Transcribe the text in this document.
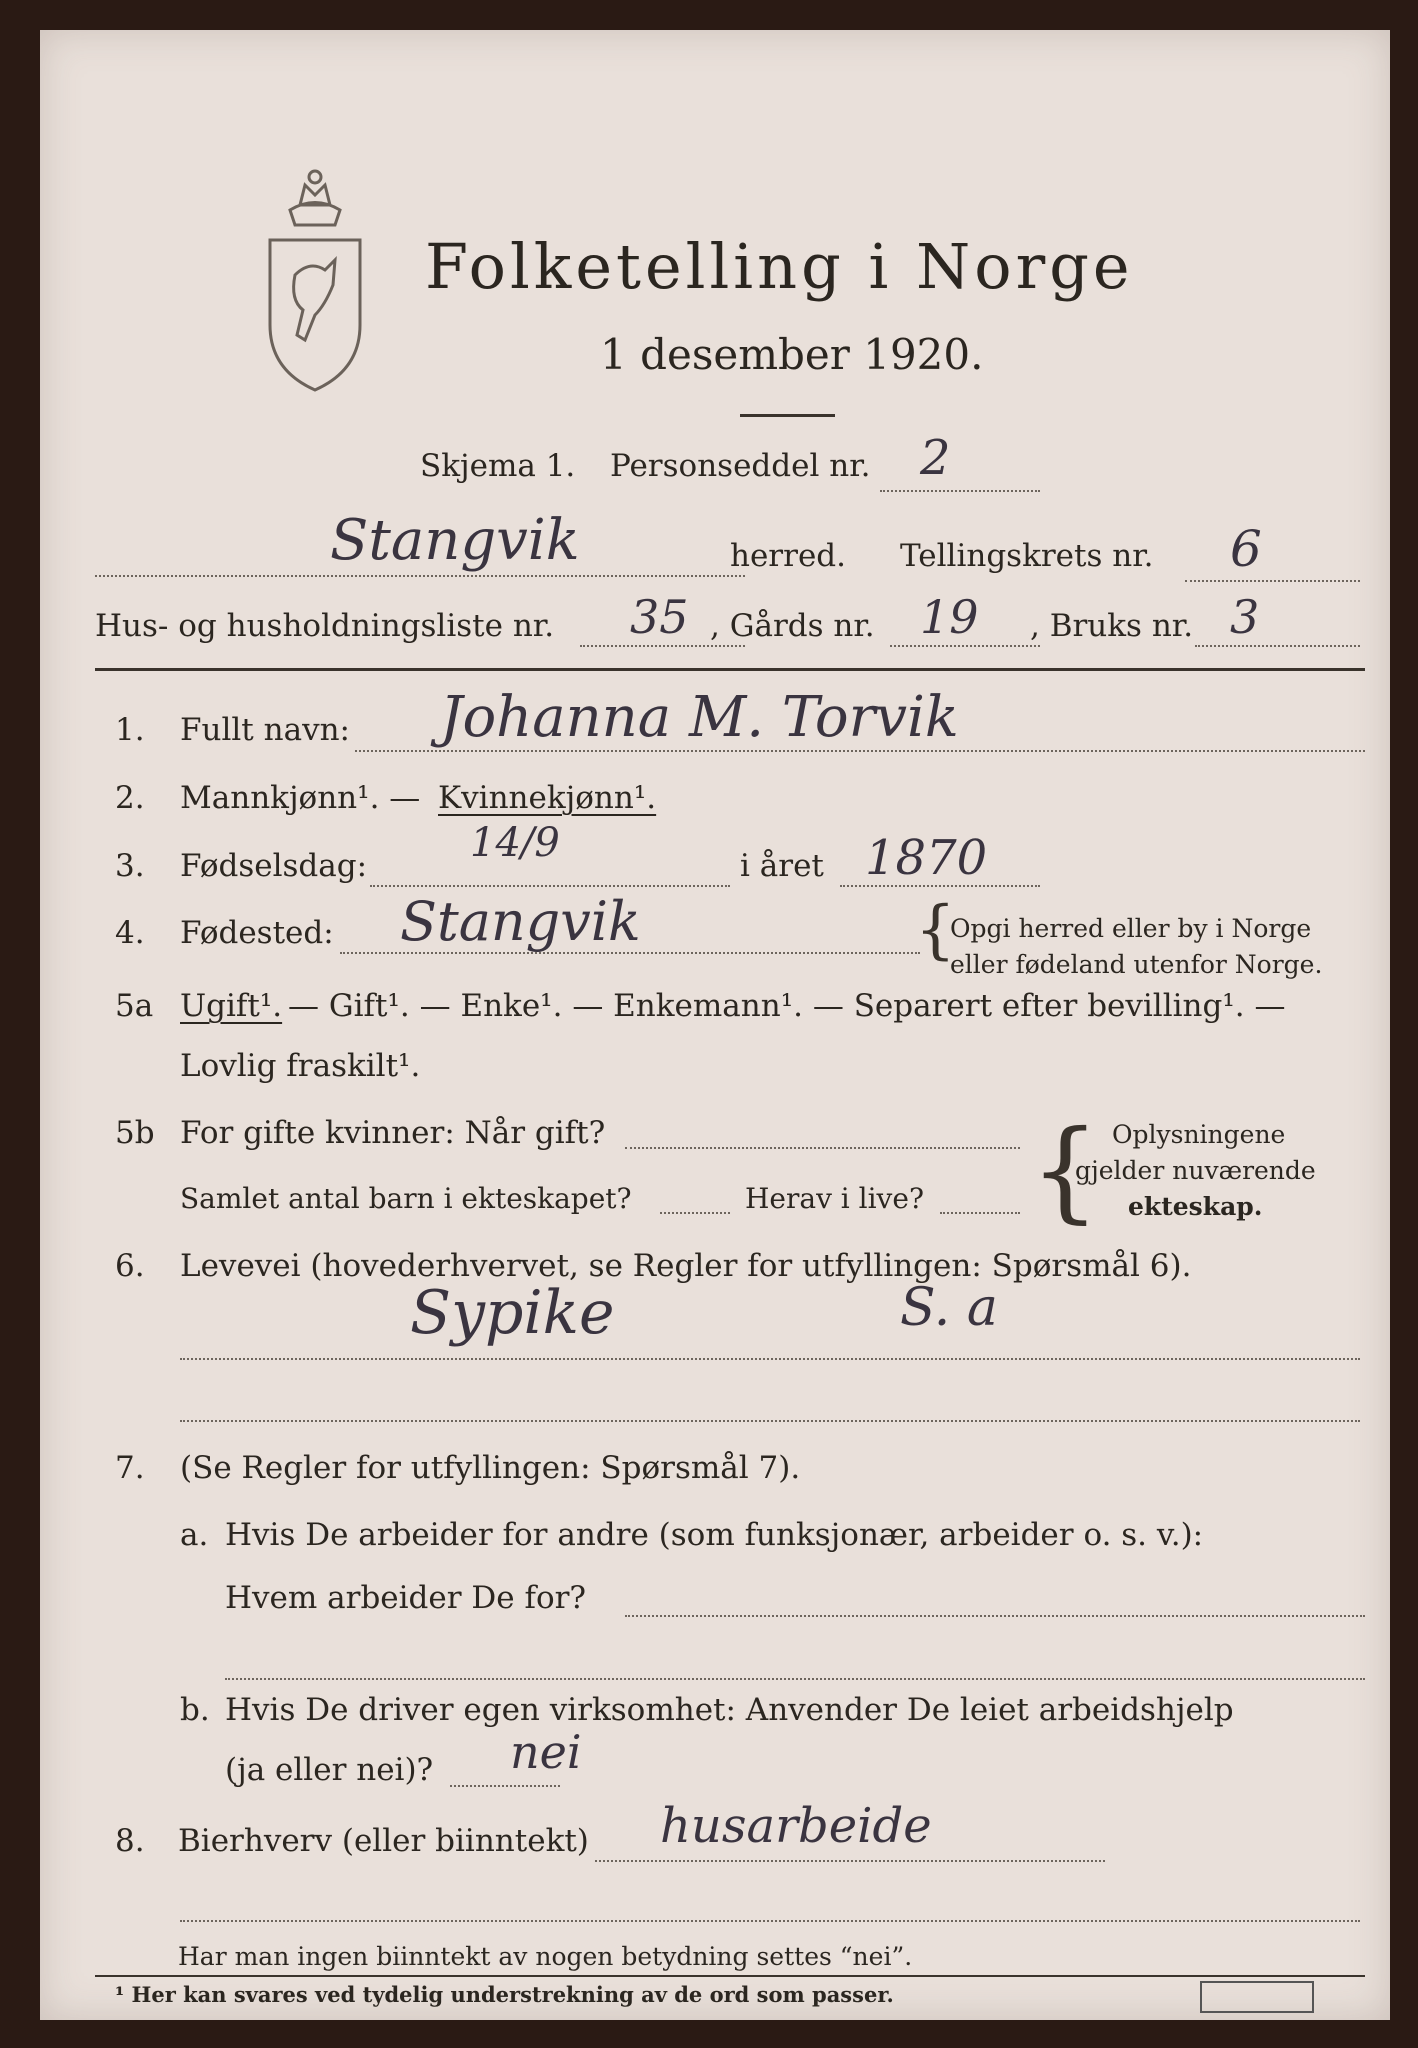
Folketelling i Norge
1 desember 1920.
Skjema 1. Personseddel nr. 2
Stangvik	herred. Tellingskrets nr. 6
Hus- og husholdningsliste nr. 35 , Gårds nr. 19 , Bruks nr. 3
1. Fullt navn: Johanna M. Torvik
2. Mannkjønn¹. — Kvinnekjønn¹.
3. Fødselsdag:	14/9	i året 1870
4. Fødested: Stangvik	{
Opgi herred eller by i Norge
eller fødeland utenfor Norge.
5a Ugift¹. — Gift¹. — Enke¹. — Enkemann¹. — Separert efter bevilling¹. —
Lovlig fraskilt¹.
5b For gifte kvinner: Når gift?
Samlet antal barn i ekteskapet?	Herav i live? { Oplysningene
gjelder nuværende
ekteskap.
6. Levevei (hovederhvervet, se Regler for utfyllingen: Spørsmål 6).
Sypike	S. a
7. (Se Regler for utfyllingen: Spørsmål 7).
a. Hvis De arbeider for andre (som funksjonær, arbeider o. s. v.):
Hvem arbeider De for?
b. Hvis De driver egen virksomhet: Anvender De leiet arbeidshjelp
(ja eller nei)? nei
8. Bierhverv (eller biinntekt) husarbeide
Har man ingen biinntekt av nogen betydning settes “nei”.
¹ Her kan svares ved tydelig understrekning av de ord som passer.
